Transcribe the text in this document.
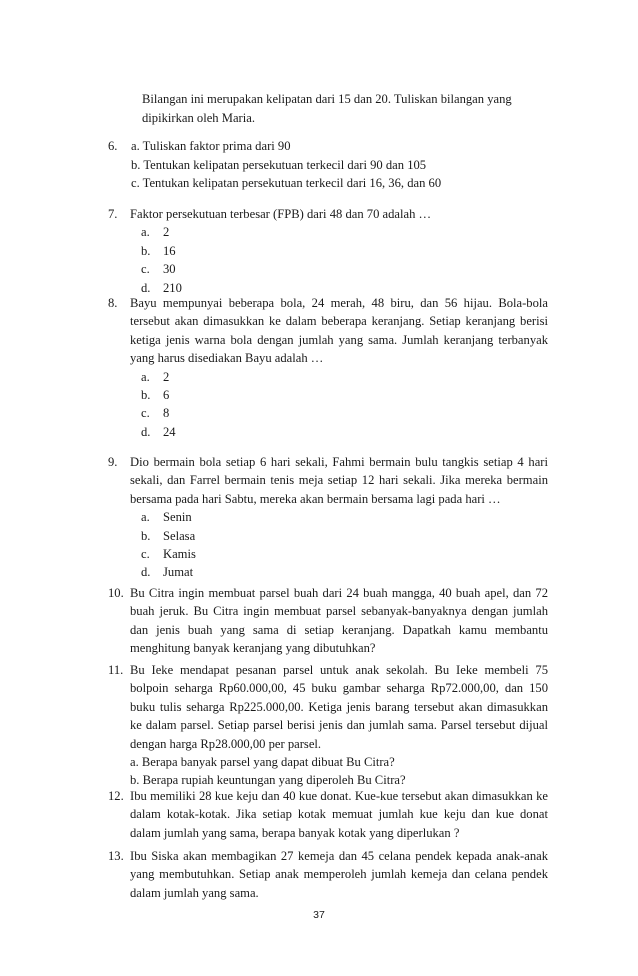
Bilangan ini merupakan kelipatan dari 15 dan 20. Tuliskan bilangan yang dipikirkan oleh Maria.
6. a. Tuliskan faktor prima dari 90
b. Tentukan kelipatan persekutuan terkecil dari 90 dan 105
c. Tentukan kelipatan persekutuan terkecil dari 16, 36, dan 60
7. Faktor persekutuan terbesar (FPB) dari 48 dan 70 adalah …
a. 2
b. 16
c. 30
d. 210
8. Bayu mempunyai beberapa bola, 24 merah, 48 biru, dan 56 hijau. Bola-bola tersebut akan dimasukkan ke dalam beberapa keranjang. Setiap keranjang berisi ketiga jenis warna bola dengan jumlah yang sama. Jumlah keranjang terbanyak yang harus disediakan Bayu adalah …
a. 2
b. 6
c. 8
d. 24
9. Dio bermain bola setiap 6 hari sekali, Fahmi bermain bulu tangkis setiap 4 hari sekali, dan Farrel bermain tenis meja setiap 12 hari sekali. Jika mereka bermain bersama pada hari Sabtu, mereka akan bermain bersama lagi pada hari …
a. Senin
b. Selasa
c. Kamis
d. Jumat
10. Bu Citra ingin membuat parsel buah dari 24 buah mangga, 40 buah apel, dan 72 buah jeruk. Bu Citra ingin membuat parsel sebanyak-banyaknya dengan jumlah dan jenis buah yang sama di setiap keranjang. Dapatkah kamu membantu menghitung banyak keranjang yang dibutuhkan?
11. Bu Ieke mendapat pesanan parsel untuk anak sekolah. Bu Ieke membeli 75 bolpoin seharga Rp60.000,00, 45 buku gambar seharga Rp72.000,00, dan 150 buku tulis seharga Rp225.000,00. Ketiga jenis barang tersebut akan dimasukkan ke dalam parsel. Setiap parsel berisi jenis dan jumlah sama. Parsel tersebut dijual dengan harga Rp28.000,00 per parsel.
a. Berapa banyak parsel yang dapat dibuat Bu Citra?
b. Berapa rupiah keuntungan yang diperoleh Bu Citra?
12. Ibu memiliki 28 kue keju dan 40 kue donat. Kue-kue tersebut akan dimasukkan ke dalam kotak-kotak. Jika setiap kotak memuat jumlah kue keju dan kue donat dalam jumlah yang sama, berapa banyak kotak yang diperlukan ?
13. Ibu Siska akan membagikan 27 kemeja dan 45 celana pendek kepada anak-anak yang membutuhkan. Setiap anak memperoleh jumlah kemeja dan celana pendek dalam jumlah yang sama.
37
